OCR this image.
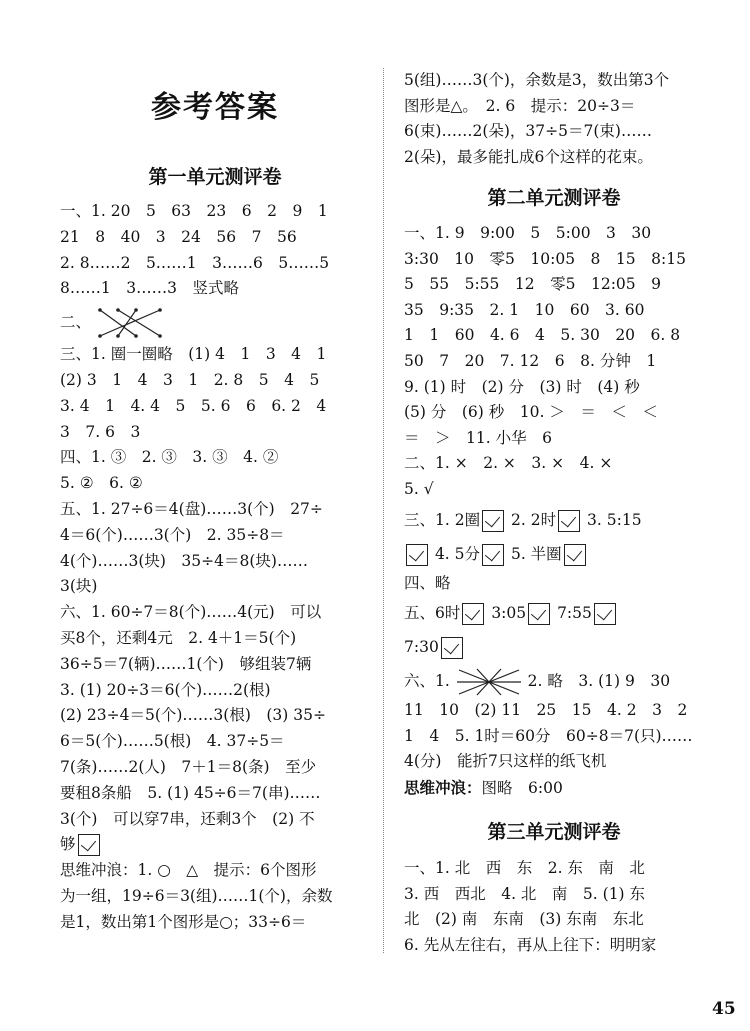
参考答案
第一单元测评卷
一、1. 20　5　63　23　6　2　9　1
21　8　40　3　24　56　7　56
2. 8……2　5……1　3……6　5……5
8……1　3……3　竖式略
二、
三、1. 圈一圈略　(1) 4　1　3　4　1
(2) 3　1　4　3　1　2. 8　5　4　5
3. 4　1　4. 4　5　5. 6　6　6. 2　4
3　7. 6　3
四、1. ③　2. ③　3. ③　4. ②
5. ②　6. ②
五、1. 27÷6＝4(盘)……3(个)　27÷
4＝6(个)……3(个)　2. 35÷8＝
4(个)……3(块)　35÷4＝8(块)……
3(块)
六、1. 60÷7＝8(个)……4(元)　可以
买8个，还剩4元　2. 4＋1＝5(个)
36÷5＝7(辆)……1(个)　够组装7辆
3. (1) 20÷3＝6(个)……2(根)
(2) 23÷4＝5(个)……3(根)　(3) 35÷
6＝5(个)……5(根)　4. 37÷5＝
7(条)……2(人)　7＋1＝8(条)　至少
要租8条船　5. (1) 45÷6＝7(串)……
3(个)　可以穿7串，还剩3个　(2) 不
够
思维冲浪：1. ○　△　提示：6个图形
为一组，19÷6＝3(组)……1(个)，余数
是1，数出第1个图形是○；33÷6＝
5(组)……3(个)，余数是3，数出第3个
图形是△。　2. 6　提示：20÷3＝
6(束)……2(朵)，37÷5＝7(束)……
2(朵)，最多能扎成6个这样的花束。
第二单元测评卷
一、1. 9　9:00　5　5:00　3　30
3:30　10　零5　10:05　8　15　8:15
5　55　5:55　12　零5　12:05　9
35　9:35　2. 1　10　60　3. 60
1　1　60　4. 6　4　5. 30　20　6. 8
50　7　20　7. 12　6　8. 分钟　1
9. (1) 时　(2) 分　(3) 时　(4) 秒
(5) 分　(6) 秒　10. ＞　＝　＜　＜
＝　＞　11. 小华　6
二、1. ×　2. ×　3. ×　4. ×
5. √
三、1. 2圈 2. 2时 3. 5:15
4. 5分 5. 半圈
四、略
五、6时 3:05 7:55
7:30
六、1.	2. 略　3. (1) 9　30
11　10　(2) 11　25　15　4. 2　3　2
1　4　5. 1时＝60分　60÷8＝7(只)……
4(分)　能折7只这样的纸飞机
思维冲浪：图略　6:00
第三单元测评卷
一、1. 北　西　东　2. 东　南　北
3. 西　西北　4. 北　南　5. (1) 东
北　(2) 南　东南　(3) 东南　东北
6. 先从左往右，再从上往下：明明家
45
